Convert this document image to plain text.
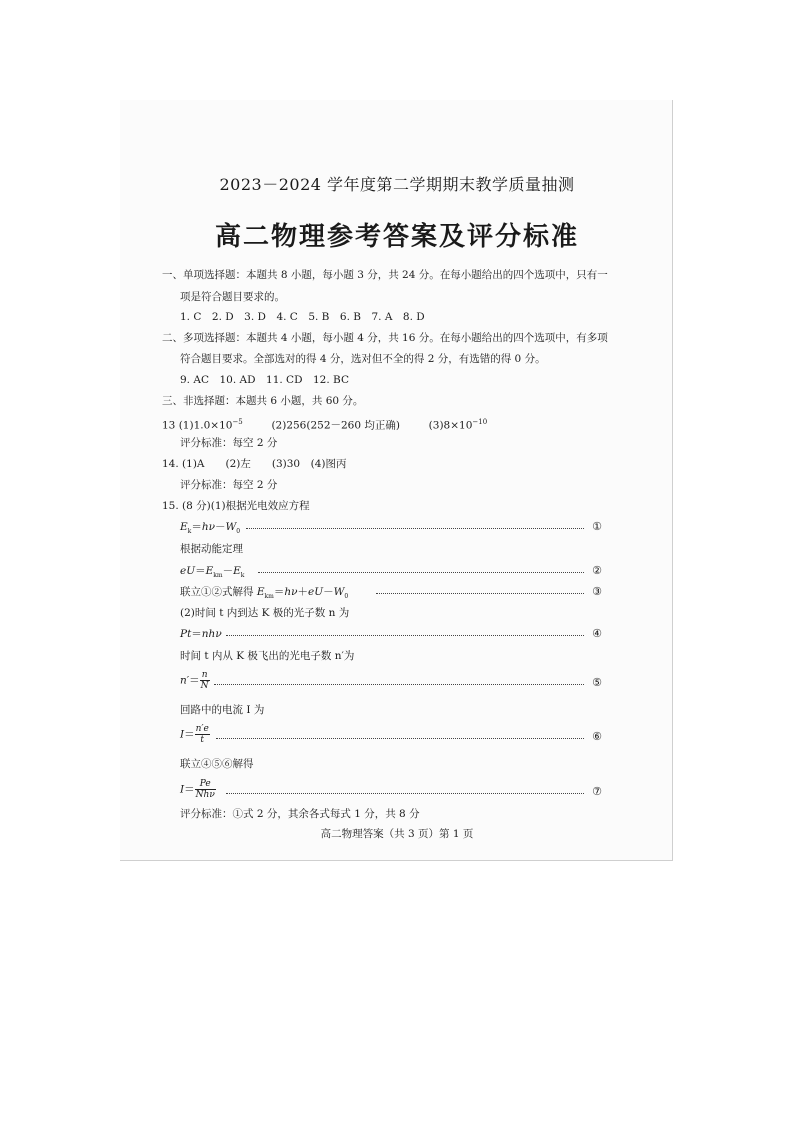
2023－2024 学年度第二学期期末教学质量抽测
高二物理参考答案及评分标准
一、单项选择题：本题共 8 小题，每小题 3 分，共 24 分。在每小题给出的四个选项中，只有一
项是符合题目要求的。
1. C　2. D　3. D　4. C　5. B　6. B　7. A　8. D
二、多项选择题：本题共 4 小题，每小题 4 分，共 16 分。在每小题给出的四个选项中，有多项
符合题目要求。全部选对的得 4 分，选对但不全的得 2 分，有选错的得 0 分。
9. AC　10. AD　11. CD　12. BC
三、非选择题：本题共 6 小题，共 60 分。
13 $(1)1.0\times 10^{-5}$	(2)256(252－260 均正确)	$(3)8\times 10^{-10}$
评分标准：每空 2 分
14. (1)A　　(2)左　　(3)30　(4)图丙
评分标准：每空 2 分
15. (8 分)(1)根据光电效应方程
$E_k=h\nu-W_0$	①
根据动能定理
$eU=E_{km}-E_k$	②
联立①②式解得 $E_{km}=h\nu+eU-W_0$	③
(2)时间 t 内到达 K 极的光子数 n 为
Pt＝nhν	④
时间 t 内从 K 极飞出的光电子数 n′为
$n'= \frac{n}{N}$	⑤
回路中的电流 I 为
$I= \frac{n'e}{t}$	⑥
联立④⑤⑥解得
$I= \frac{Pe}{\text{Nhν}}$	⑦
评分标准：①式 2 分，其余各式每式 1 分，共 8 分
高二物理答案（共 3 页）第 1 页
